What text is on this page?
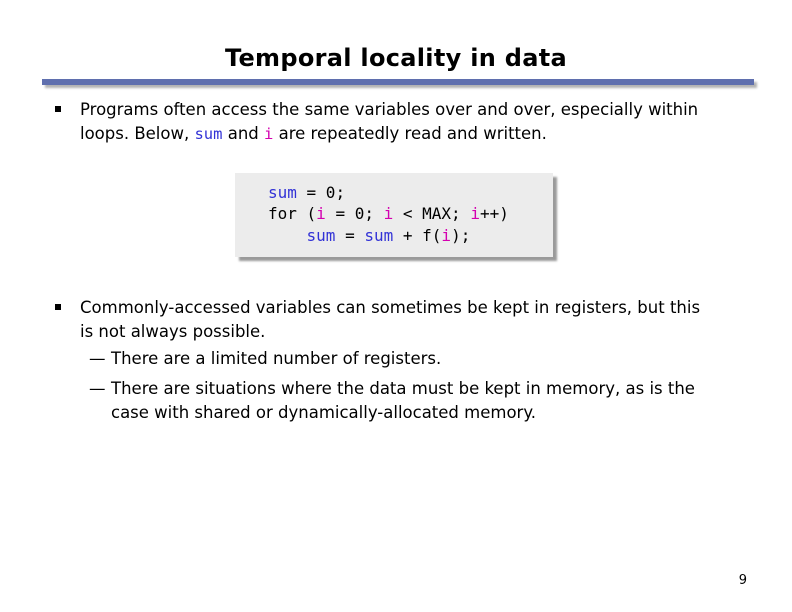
Temporal locality in data
Programs often access the same variables over and over, especially within
loops. Below, sum and i are repeatedly read and written.
sum = 0;
for (i = 0; i < MAX; i++)
sum = sum + f(i);
Commonly-accessed variables can sometimes be kept in registers, but this
is not always possible.
— There are a limited number of registers.
— There are situations where the data must be kept in memory, as is the
case with shared or dynamically-allocated memory.
9
